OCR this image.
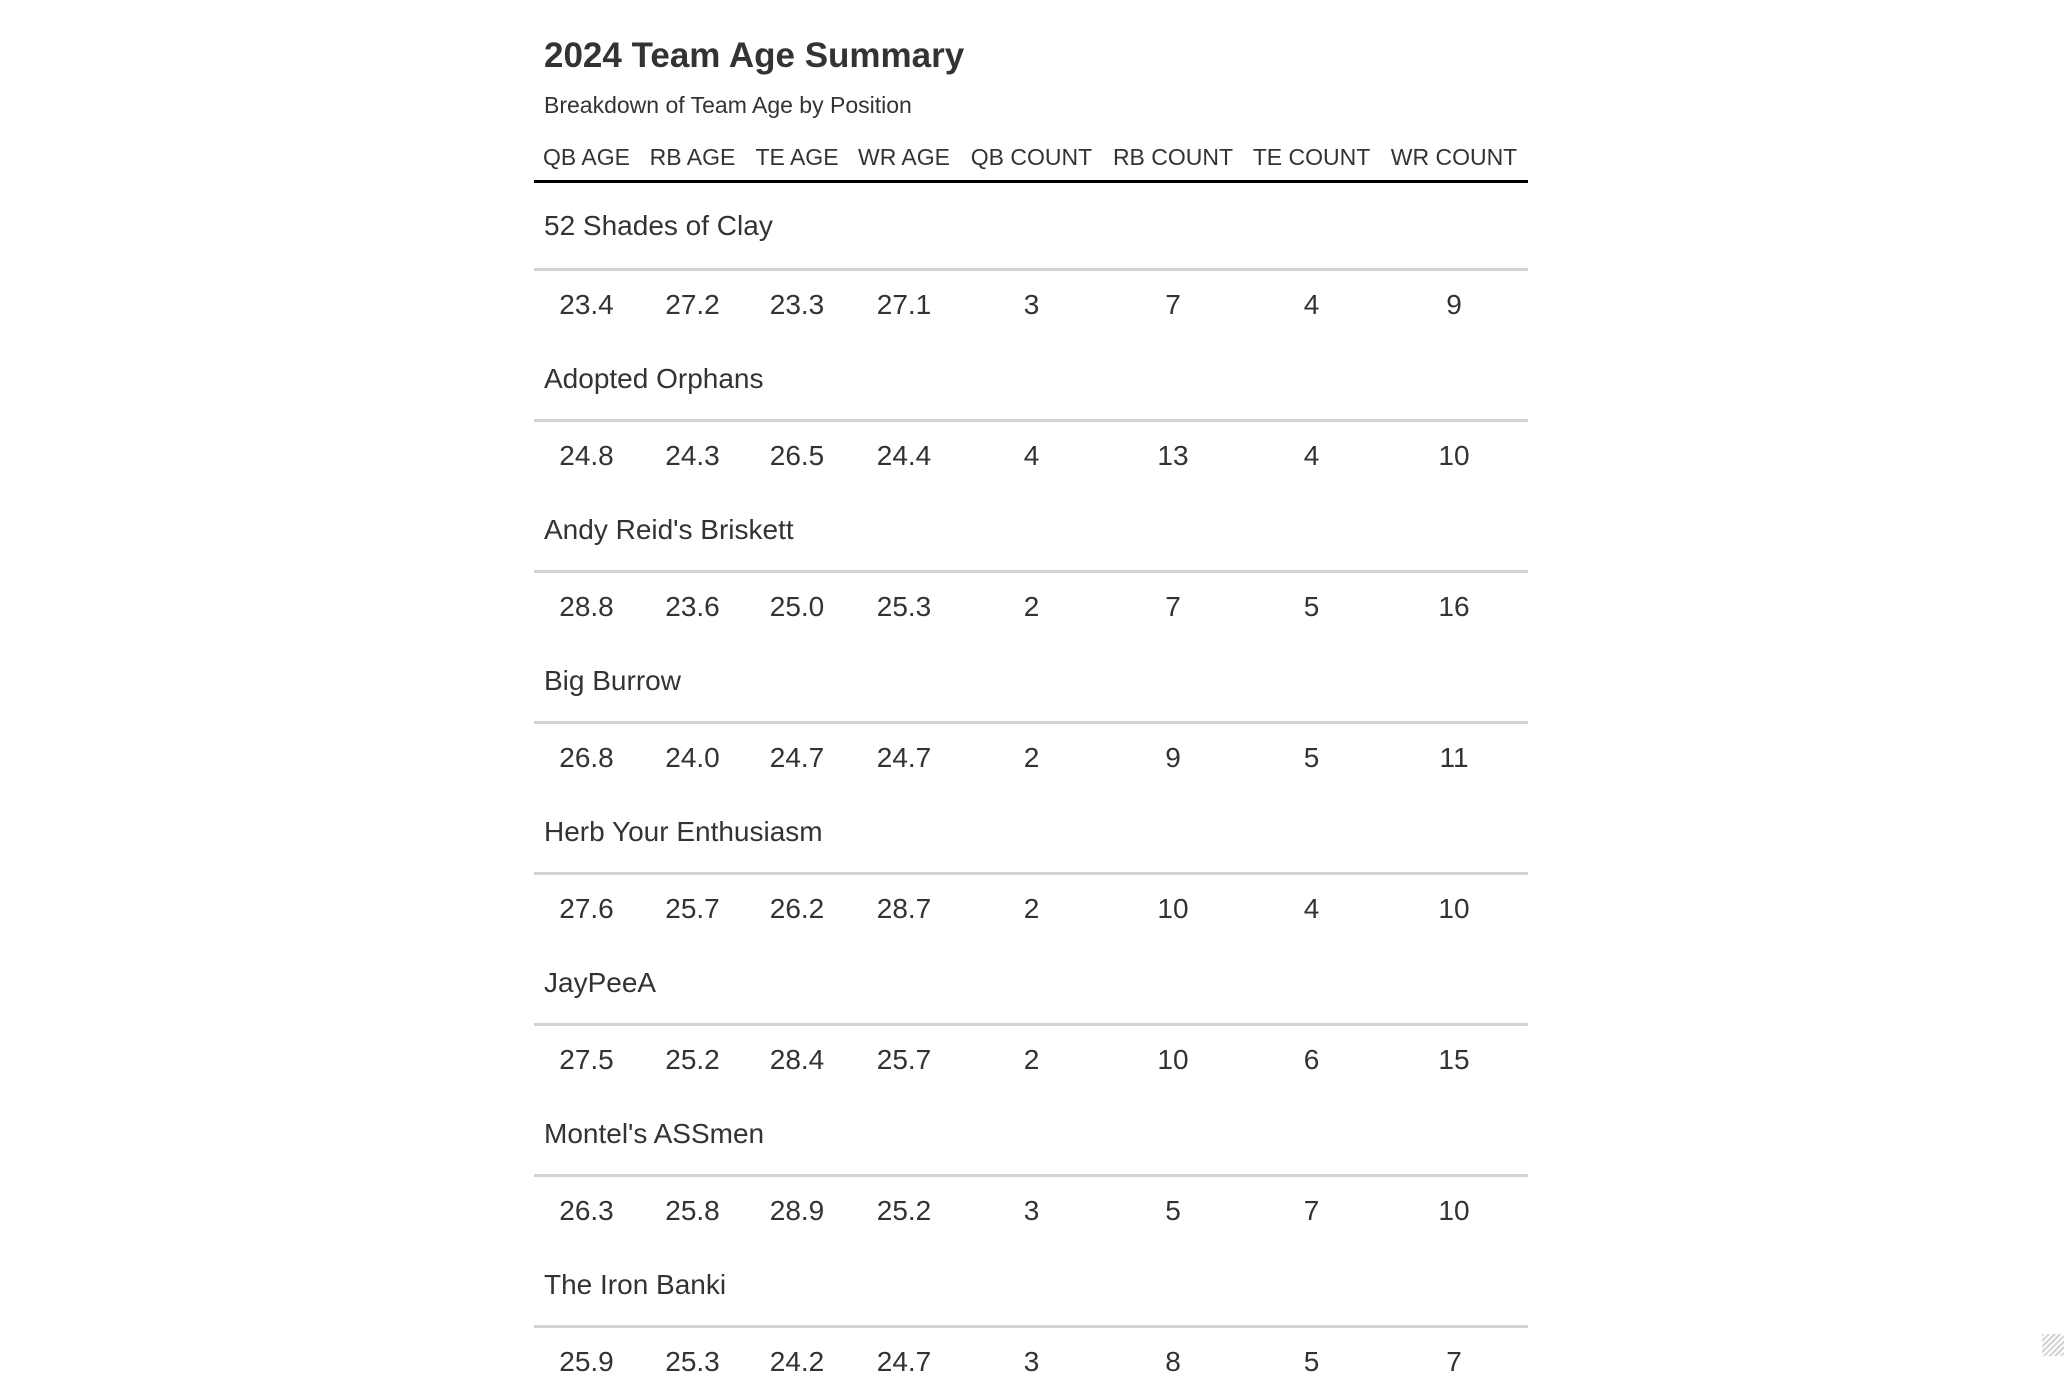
2024 Team Age Summary
Breakdown of Team Age by Position
QB AGE	RB AGE	TE AGE	WR AGE	QB COUNT	RB COUNT	TE COUNT	WR COUNT
52 Shades of Clay							
23.4	27.2	23.3	27.1	3	7	4	9
Adopted Orphans							
24.8	24.3	26.5	24.4	4	13	4	10
Andy Reid's Briskett							
28.8	23.6	25.0	25.3	2	7	5	16
Big Burrow							
26.8	24.0	24.7	24.7	2	9	5	11
Herb Your Enthusiasm							
27.6	25.7	26.2	28.7	2	10	4	10
JayPeeA							
27.5	25.2	28.4	25.7	2	10	6	15
Montel's ASSmen							
26.3	25.8	28.9	25.2	3	5	7	10
The Iron Banki							
25.9	25.3	24.2	24.7	3	8	5	7
